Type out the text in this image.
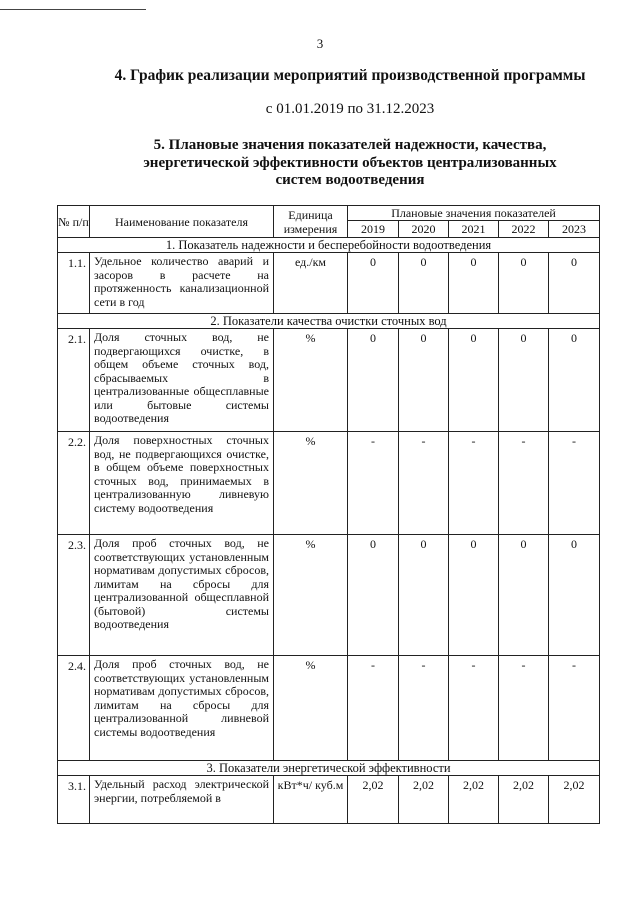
3
4. График реализации мероприятий производственной программы
с 01.01.2019 по 31.12.2023
5. Плановые значения показателей надежности, качества,
энергетической эффективности объектов централизованных
систем водоотведения
№ п/п	Наименование показателя	Единица измерения	Плановые значения показателей				
			2019	2020	2021	2022	2023
1. Показатель надежности и бесперебойности водоотведения							
1.1.	Удельное количество аварий и засоров в расчете на протяженность канализационной сети в год	ед./км	0	0	0	0	0
2. Показатели качества очистки сточных вод							
2.1.	Доля сточных вод, не подвергающихся очистке, в общем объеме сточных вод, сбрасываемых в централизованные общесплавные или бытовые системы водоотведения	%	0	0	0	0	0
2.2.	Доля поверхностных сточных вод, не подвергающихся очистке, в общем объеме поверхностных сточных вод, принимаемых в централизованную ливневую систему водоотведения	%	-	-	-	-	-
2.3.	Доля проб сточных вод, не соответствующих установленным нормативам допустимых сбросов, лимитам на сбросы для централизованной общесплавной (бытовой) системы водоотведения	%	0	0	0	0	0
2.4.	Доля проб сточных вод, не соответствующих установленным нормативам допустимых сбросов, лимитам на сбросы для централизованной ливневой системы водоотведения	%	-	-	-	-	-
3. Показатели энергетической эффективности							
3.1.	Удельный расход электрической энергии, потребляемой в	кВт*ч/ куб.м	2,02	2,02	2,02	2,02	2,02
